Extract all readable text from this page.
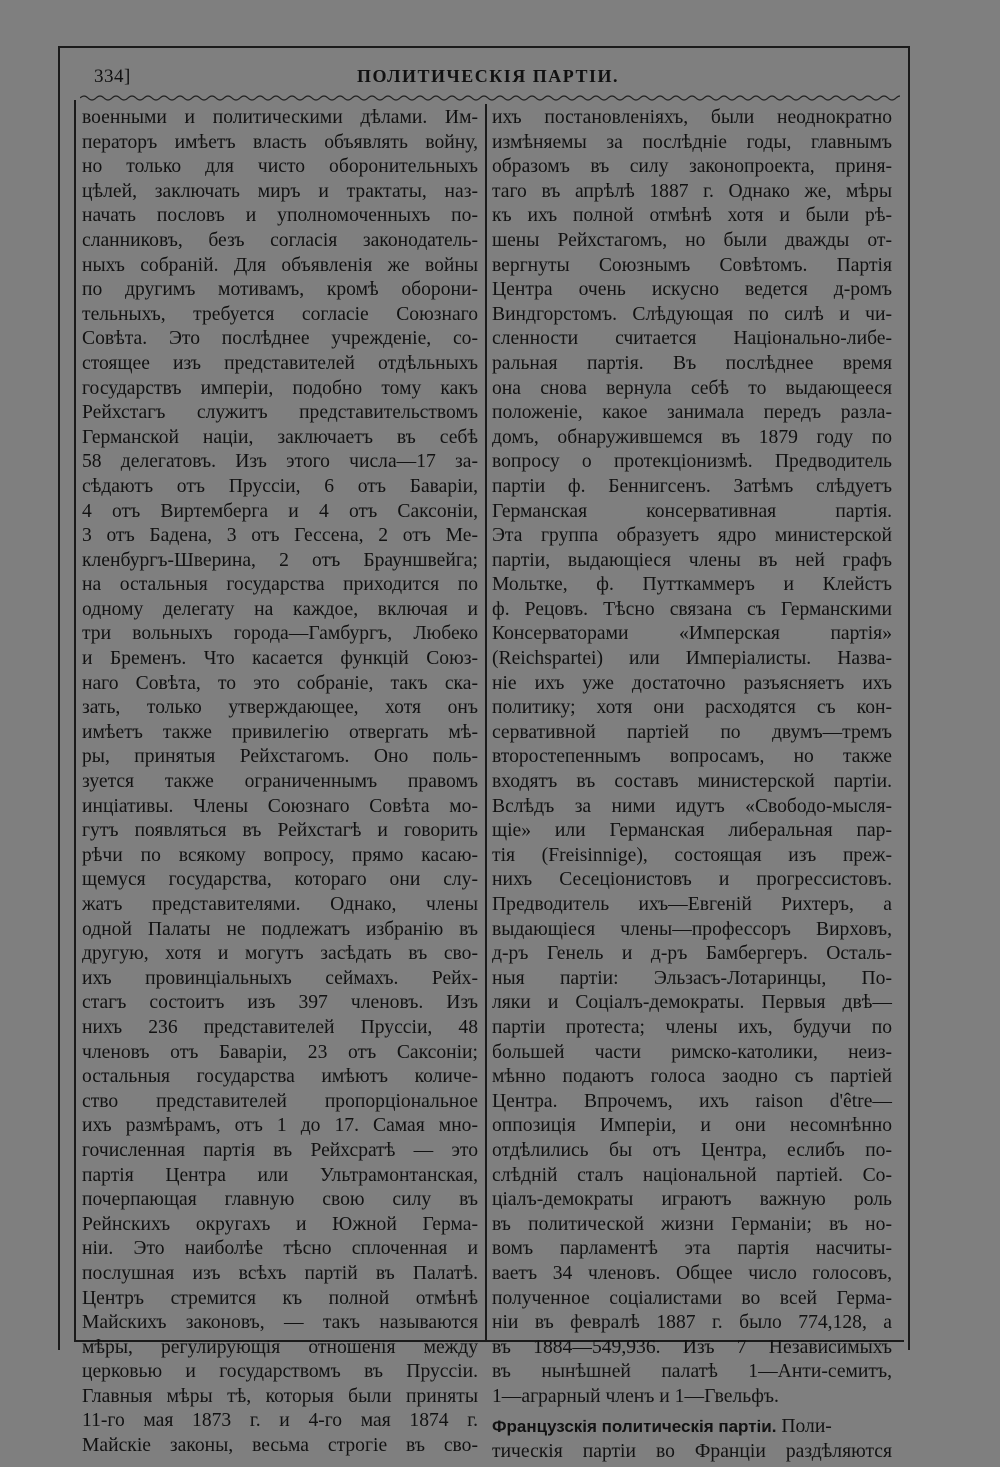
334]	ПОЛИТИЧЕСКІЯ ПАРТІИ.
военными и политическими дѣлами. Им-
ператоръ имѣетъ власть объявлять войну,
но только для чисто оборонительныхъ
цѣлей, заключать миръ и трактаты, наз-
начать пословъ и уполномоченныхъ по-
сланниковъ, безъ согласія законодатель-
ныхъ собраній. Для объявленія же войны
по другимъ мотивамъ, кромѣ оборони-
тельныхъ, требуется согласіе Союзнаго
Совѣта. Это послѣднее учрежденіе, со-
стоящее изъ представителей отдѣльныхъ
государствъ имперіи, подобно тому какъ
Рейхстагъ служитъ представительствомъ
Германской націи, заключаетъ въ себѣ
58 делегатовъ. Изъ этого числа—17 за-
сѣдаютъ отъ Пруссіи, 6 отъ Баваріи,
4 отъ Виртемберга и 4 отъ Саксоніи,
3 отъ Бадена, 3 отъ Гессена, 2 отъ Ме-
кленбургъ-Шверина, 2 отъ Брауншвейга;
на остальныя государства приходится по
одному делегату на каждое, включая и
три вольныхъ города—Гамбургъ, Любеко
и Бременъ. Что касается функцій Союз-
наго Совѣта, то это собраніе, такъ ска-
зать, только утверждающее, хотя онъ
имѣетъ также привилегію отвергать мѣ-
ры, принятыя Рейхстагомъ. Оно поль-
зуется также ограниченнымъ правомъ
инціативы. Члены Союзнаго Совѣта мо-
гутъ появляться въ Рейхстагѣ и говорить
рѣчи по всякому вопросу, прямо касаю-
щемуся государства, котораго они слу-
жатъ представителями. Однако, члены
одной Палаты не подлежатъ избранію въ
другую, хотя и могутъ засѣдать въ сво-
ихъ провинціальныхъ сеймахъ. Рейх-
стагъ состоитъ изъ 397 членовъ. Изъ
нихъ 236 представителей Пруссіи, 48
членовъ отъ Баваріи, 23 отъ Саксоніи;
остальныя государства имѣютъ количе-
ство представителей пропорціональное
ихъ размѣрамъ, отъ 1 до 17. Самая мно-
гочисленная партія въ Рейхсратѣ — это
партія Центра или Ультрамонтанская,
почерпающая главную свою силу въ
Рейнскихъ округахъ и Южной Герма-
ніи. Это наиболѣе тѣсно сплоченная и
послушная изъ всѣхъ партій въ Палатѣ.
Центръ стремится къ полной отмѣнѣ
Майскихъ законовъ, — такъ называются
мѣры, регулирующія отношенія между
церковью и государствомъ въ Пруссіи.
Главныя мѣры тѣ, которыя были приняты
11-го мая 1873 г. и 4-го мая 1874 г.
Майскіе законы, весьма строгіе въ сво-
ихъ постановленіяхъ, были неоднократно
измѣняемы за послѣдніе годы, главнымъ
образомъ въ силу законопроекта, приня-
таго въ апрѣлѣ 1887 г. Однако же, мѣры
къ ихъ полной отмѣнѣ хотя и были рѣ-
шены Рейхстагомъ, но были дважды от-
вергнуты Союзнымъ Совѣтомъ. Партія
Центра очень искусно ведется д-ромъ
Виндгорстомъ. Слѣдующая по силѣ и чи-
сленности считается Національно-либе-
ральная партія. Въ послѣднее время
она снова вернула себѣ то выдающееся
положеніе, какое занимала передъ разла-
домъ, обнаружившемся въ 1879 году по
вопросу о протекціонизмѣ. Предводитель
партіи ф. Беннигсенъ. Затѣмъ слѣдуетъ
Германская консервативная партія.
Эта группа образуетъ ядро министерской
партіи, выдающіеся члены въ ней графъ
Мольтке, ф. Путткаммеръ и Клейстъ
ф. Рецовъ. Тѣсно связана съ Германскими
Консерваторами «Имперская партія»
(Reichspartei) или Имперіалисты. Назва-
ніе ихъ уже достаточно разъясняетъ ихъ
политику; хотя они расходятся съ кон-
сервативной партіей по двумъ—тремъ
второстепеннымъ вопросамъ, но также
входятъ въ составъ министерской партіи.
Вслѣдъ за ними идутъ «Свободо-мысля-
щіе» или Германская либеральная пар-
тія (Freisinnige), состоящая изъ преж-
нихъ Сесеціонистовъ и прогрессистовъ.
Предводитель ихъ—Евгеній Рихтеръ, а
выдающіеся члены—профессоръ Вирховъ,
д-ръ Генель и д-ръ Бамбергеръ. Осталь-
ныя партіи: Эльзасъ-Лотаринцы, По-
ляки и Соціалъ-демократы. Первыя двѣ—
партіи протеста; члены ихъ, будучи по
большей части римско-католики, неиз-
мѣнно подаютъ голоса заодно съ партіей
Центра. Впрочемъ, ихъ raison d'être—
оппозиція Имперіи, и они несомнѣнно
отдѣлились бы отъ Центра, еслибъ по-
слѣдній сталъ національной партіей. Со-
ціалъ-демократы играютъ важную роль
въ политической жизни Германіи; въ но-
вомъ парламентѣ эта партія насчиты-
ваетъ 34 членовъ. Общее число голосовъ,
полученное соціалистами во всей Герма-
ніи въ февралѣ 1887 г. было 774,128, а
въ 1884—549,936. Изъ 7 Независимыхъ
въ нынѣшней палатѣ 1—Анти-семитъ,
1—аграрный членъ и 1—Гвельфъ.
Французскія политическія партіи. Поли-
тическія партіи во Франціи раздѣляются
